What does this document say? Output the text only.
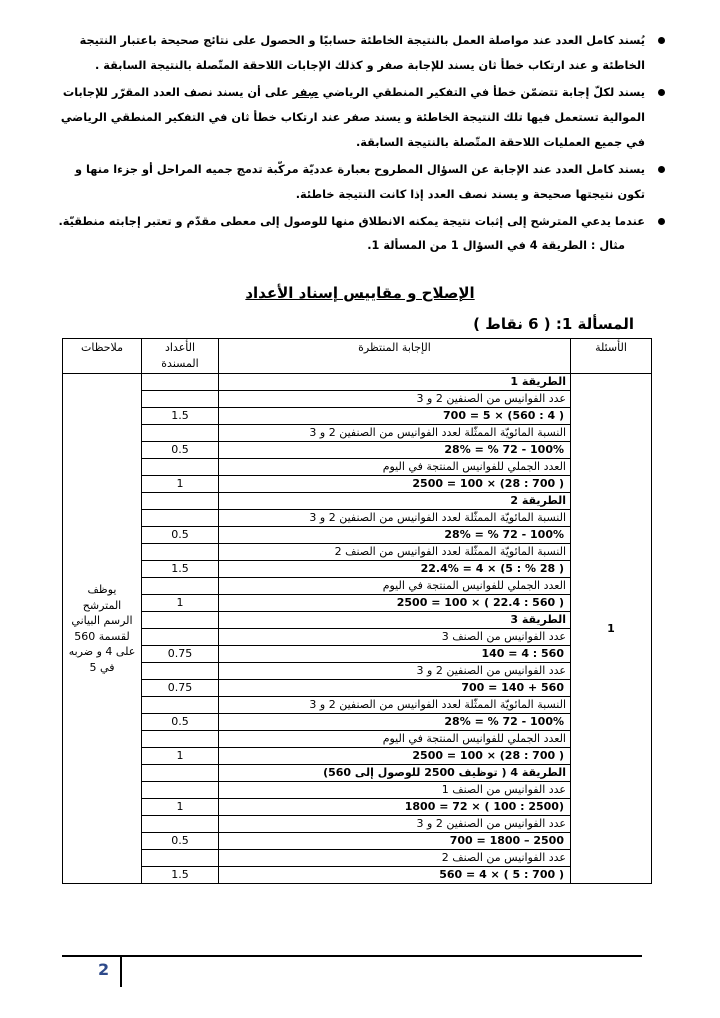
يُسند كامل العدد عند مواصلة العمل بالنتيجة الخاطئة حسابيًا و الحصول على نتائج صحيحة باعتبار النتيجة الخاطئة و عند ارتكاب خطأ ثان يسند للإجابة صفر و كذلك الإجابات اللاحقة المتّصلة بالنتيجة السابقة .
يسند لكلّ إجابة تتضمّن خطأ في التفكير المنطقي الرياضي صِفر على أن يسند نصف العدد المقرّر للإجابات الموالية تستعمل فيها تلك النتيجة الخاطئة و يسند صفر عند ارتكاب خطأ ثان في التفكير المنطقي الرياضي في جميع العمليات اللاحقة المتّصلة بالنتيجة السابقة.
يسند كامل العدد عند الإجابة عن السؤال المطروح بعبارة عدديّة مركّبة تدمج جميه المراحل أو جزءا منها و تكون نتيجتها صحيحة و يسند نصف العدد إذا كانت النتيجة خاطئة.
عندما يدعي المترشح إلى إثبات نتيجة يمكنه الانطلاق منها للوصول إلى معطى مقدّم و تعتبر إجابته منطقيّة.
مثال : الطريقة 4 في السؤال 1 من المسألة 1.
الإصلاح و مقاييس إسناد الأعداد
المسألة 1: ( 6 نقاط )
الأسئلة	الإجابة المنتظرة	الأعداد المسندة	ملاحظات
1	الطريقة 1		يوظف المترشح الرسم البياني لقسمة 560 على 4 و ضربه في 5
	عدد الفوانيس من الصنفين 2 و 3		
	( 4 : 560) × 5 = 700	1.5	
	النسبة المائويّة الممثّلة لعدد الفوانيس من الصنفين 2 و 3		
	100% - 72 % = 28%	0.5	
	العدد الجملي للفوانيس المنتجة في اليوم		
	( 700 : 28) × 100 = 2500	1	
	الطريقة 2		
	النسبة المائويّة الممثّلة لعدد الفوانيس من الصنفين 2 و 3		
	100% - 72 % = 28%	0.5	
	النسبة المائويّة الممثّلة لعدد الفوانيس من الصنف 2		
	( 28 % : 5) × 4 = 22.4%	1.5	
	العدد الجملي للفوانيس المنتجة في اليوم		
	( 560 : 22.4 ) × 100 = 2500	1	
	الطريقة 3		
	عدد الفوانيس من الصنف 3		
	560 : 4 = 140	0.75	
	عدد الفوانيس من الصنفين 2 و 3		
	560 + 140 = 700	0.75	
	النسبة المائويّة الممثّلة لعدد الفوانيس من الصنفين 2 و 3		
	100% - 72 % = 28%	0.5	
	العدد الجملي للفوانيس المنتجة في اليوم		
	( 700 : 28) × 100 = 2500	1	
	الطريقة 4 ( توظيف 2500 للوصول إلى 560)		
	عدد الفوانيس من الصنف 1		
	(2500 : 100 ) × 72 = 1800	1	
	عدد الفوانيس من الصنفين 2 و 3		
	2500 – 1800 = 700	0.5	
	عدد الفوانيس من الصنف 2		
	( 700 : 5 ) × 4 = 560	1.5	
2
